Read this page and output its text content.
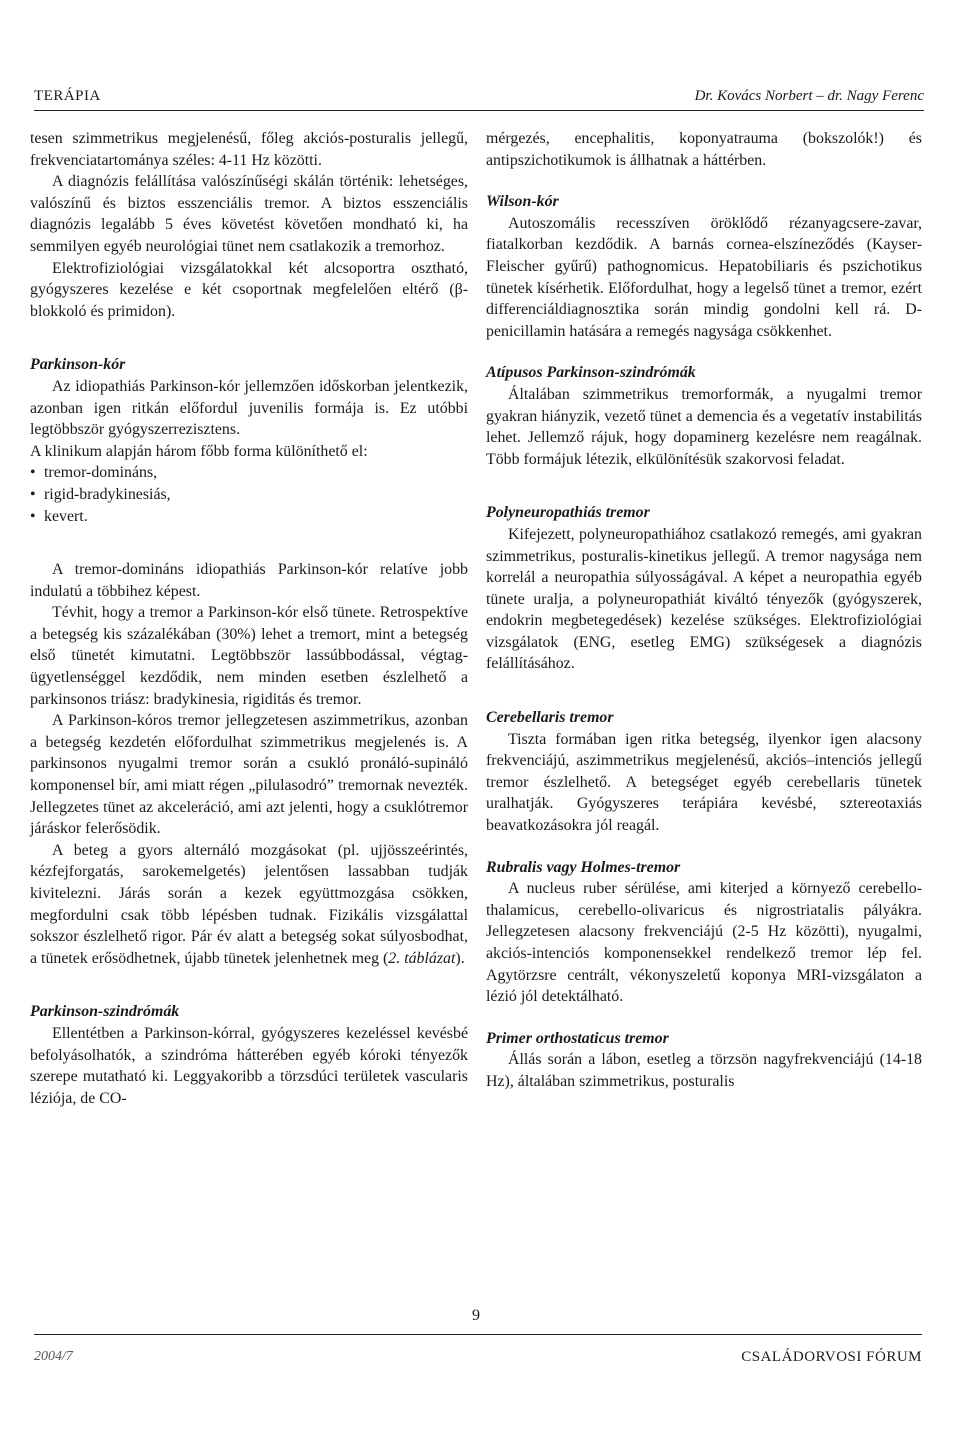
TERÁPIA	Dr. Kovács Norbert – dr. Nagy Ferenc

tesen szimmetrikus megjelenésű, főleg akciós-posturalis jellegű, frekvenciatartománya széles: 4-11 Hz közötti.

A diagnózis felállítása valószínűségi skálán történik: lehetséges, valószínű és biztos esszenciális tremor. A biztos esszenciális diagnózis legalább 5 éves követést követően mondható ki, ha semmilyen egyéb neurológiai tünet nem csatlakozik a tremorhoz.

Elektrofiziológiai vizsgálatokkal két alcsoportra osztható, gyógyszeres kezelése e két csoportnak megfelelően eltérő (β-blokkoló és primidon).

Parkinson-kór

Az idiopathiás Parkinson-kór jellemzően időskorban jelentkezik, azonban igen ritkán előfordul juvenilis formája is. Ez utóbbi legtöbbször gyógyszerrezisztens.

A klinikum alapján három főbb forma különíthető el:

• tremor-domináns,
• rigid-bradykinesiás,
• kevert.

A tremor-domináns idiopathiás Parkinson-kór relatíve jobb indulatú a többihez képest.

Tévhit, hogy a tremor a Parkinson-kór első tünete. Retrospektíve a betegség kis százalékában (30%) lehet a tremort, mint a betegség első tünetét kimutatni. Legtöbbször lassúbbodással, végtag-ügyetlenséggel kezdődik, nem minden esetben észlelhető a parkinsonos triász: bradykinesia, rigiditás és tremor.

A Parkinson-kóros tremor jellegzetesen aszimmetrikus, azonban a betegség kezdetén előfordulhat szimmetrikus megjelenés is. A parkinsonos nyugalmi tremor során a csukló pronáló-supináló komponensel bír, ami miatt régen „pilulasodró” tremornak nevezték. Jellegzetes tünet az akceleráció, ami azt jelenti, hogy a csuklótremor járáskor felerősödik.

A beteg a gyors alternáló mozgásokat (pl. ujjösszeérintés, kézfejforgatás, sarokemelgetés) jelentősen lassabban tudják kivitelezni. Járás során a kezek együttmozgása csökken, megfordulni csak több lépésben tudnak. Fizikális vizsgálattal sokszor észlelhető rigor. Pár év alatt a betegség sokat súlyosbodhat, a tünetek erősödhetnek, újabb tünetek jelenhetnek meg (2. táblázat).

Parkinson-szindrómák

Ellentétben a Parkinson-kórral, gyógyszeres kezeléssel kevésbé befolyásolhatók, a szindróma hátterében egyéb kóroki tényezők szerepe mutatható ki. Leggyakoribb a törzsdúci területek vascularis léziója, de CO-

mérgezés, encephalitis, koponyatrauma (bokszolók!) és antipszichotikumok is állhatnak a háttérben.

Wilson-kór

Autoszomális recesszíven öröklődő rézanyagcsere-zavar, fiatalkorban kezdődik. A barnás cornea-elszíneződés (Kayser-Fleischer gyűrű) pathognomicus. Hepatobiliaris és pszichotikus tünetek kísérhetik. Előfordulhat, hogy a legelső tünet a tremor, ezért differenciáldiagnosztika során mindig gondolni kell rá. D-penicillamin hatására a remegés nagysága csökkenhet.

Atípusos Parkinson-szindrómák

Általában szimmetrikus tremorformák, a nyugalmi tremor gyakran hiányzik, vezető tünet a demencia és a vegetatív instabilitás lehet. Jellemző rájuk, hogy dopaminerg kezelésre nem reagálnak. Több formájuk létezik, elkülönítésük szakorvosi feladat.

Polyneuropathiás tremor

Kifejezett, polyneuropathiához csatlakozó remegés, ami gyakran szimmetrikus, posturalis-kinetikus jellegű. A tremor nagysága nem korrelál a neuropathia súlyosságával. A képet a neuropathia egyéb tünete uralja, a polyneuropathiát kiváltó tényezők (gyógyszerek, endokrin megbetegedések) kezelése szükséges. Elektrofiziológiai vizsgálatok (ENG, esetleg EMG) szükségesek a diagnózis felállításához.

Cerebellaris tremor

Tiszta formában igen ritka betegség, ilyenkor igen alacsony frekvenciájú, aszimmetrikus megjelenésű, akciós–intenciós jellegű tremor észlelhető. A betegséget egyéb cerebellaris tünetek uralhatják. Gyógyszeres terápiára kevésbé, sztereotaxiás beavatkozásokra jól reagál.

Rubralis vagy Holmes-tremor

A nucleus ruber sérülése, ami kiterjed a környező cerebello-thalamicus, cerebello-olivaricus és nigrostriatalis pályákra. Jellegzetesen alacsony frekvenciájú (2-5 Hz közötti), nyugalmi, akciós-intenciós komponensekkel rendelkező tremor lép fel. Agytörzsre centrált, vékonyszeletű koponya MRI-vizsgálaton a lézió jól detektálható.

Primer orthostaticus tremor

Állás során a lábon, esetleg a törzsön nagyfrekvenciájú (14-18 Hz), általában szimmetrikus, posturalis

2004/7
9
CSALÁDORVOSI FÓRUM
